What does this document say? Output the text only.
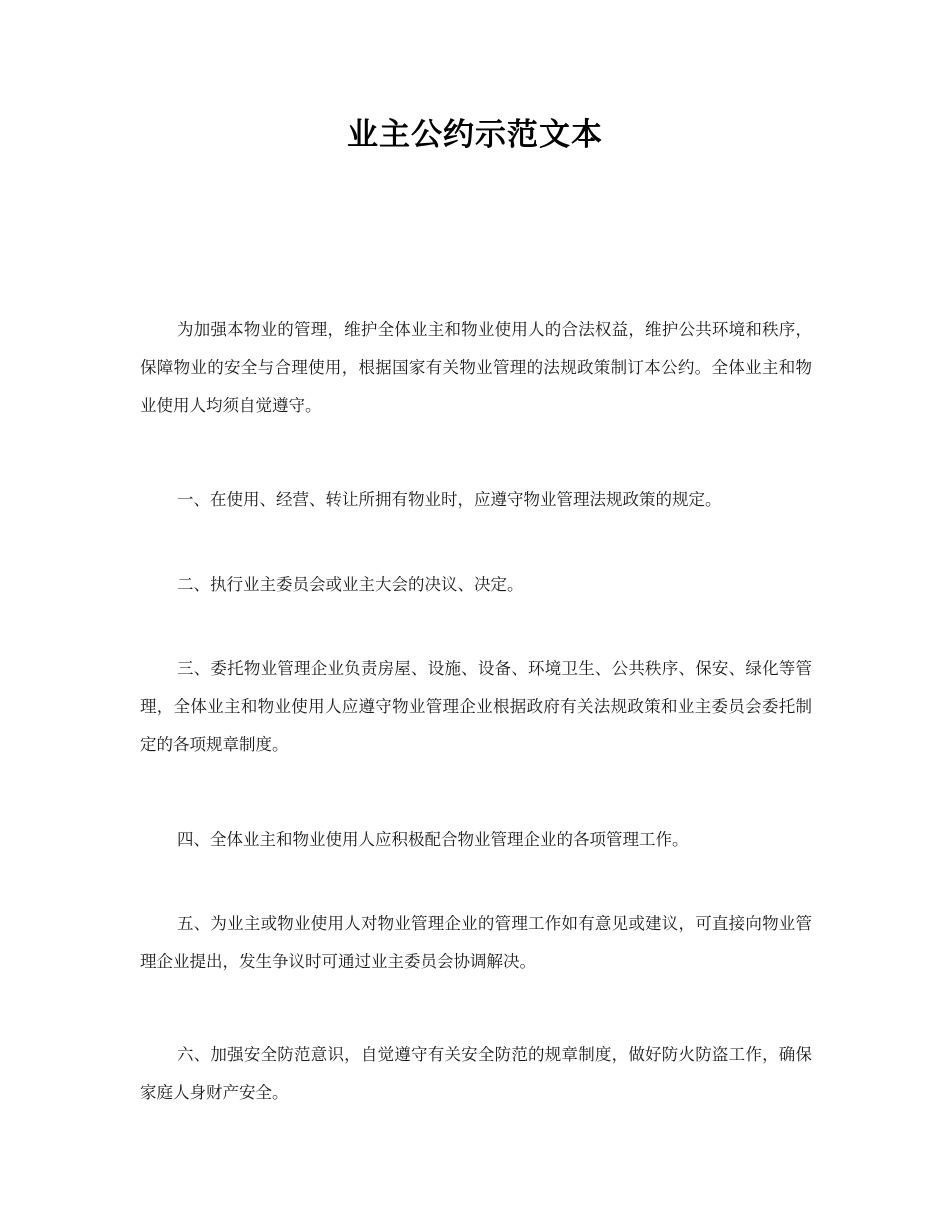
业主公约示范文本

为加强本物业的管理，维护全体业主和物业使用人的合法权益，维护公共环境和秩序，保障物业的安全与合理使用，根据国家有关物业管理的法规政策制订本公约。全体业主和物业使用人均须自觉遵守。

一、在使用、经营、转让所拥有物业时，应遵守物业管理法规政策的规定。

二、执行业主委员会或业主大会的决议、决定。

三、委托物业管理企业负责房屋、设施、设备、环境卫生、公共秩序、保安、绿化等管理，全体业主和物业使用人应遵守物业管理企业根据政府有关法规政策和业主委员会委托制定的各项规章制度。

四、全体业主和物业使用人应积极配合物业管理企业的各项管理工作。

五、为业主或物业使用人对物业管理企业的管理工作如有意见或建议，可直接向物业管理企业提出，发生争议时可通过业主委员会协调解决。

六、加强安全防范意识，自觉遵守有关安全防范的规章制度，做好防火防盗工作，确保家庭人身财产安全。
